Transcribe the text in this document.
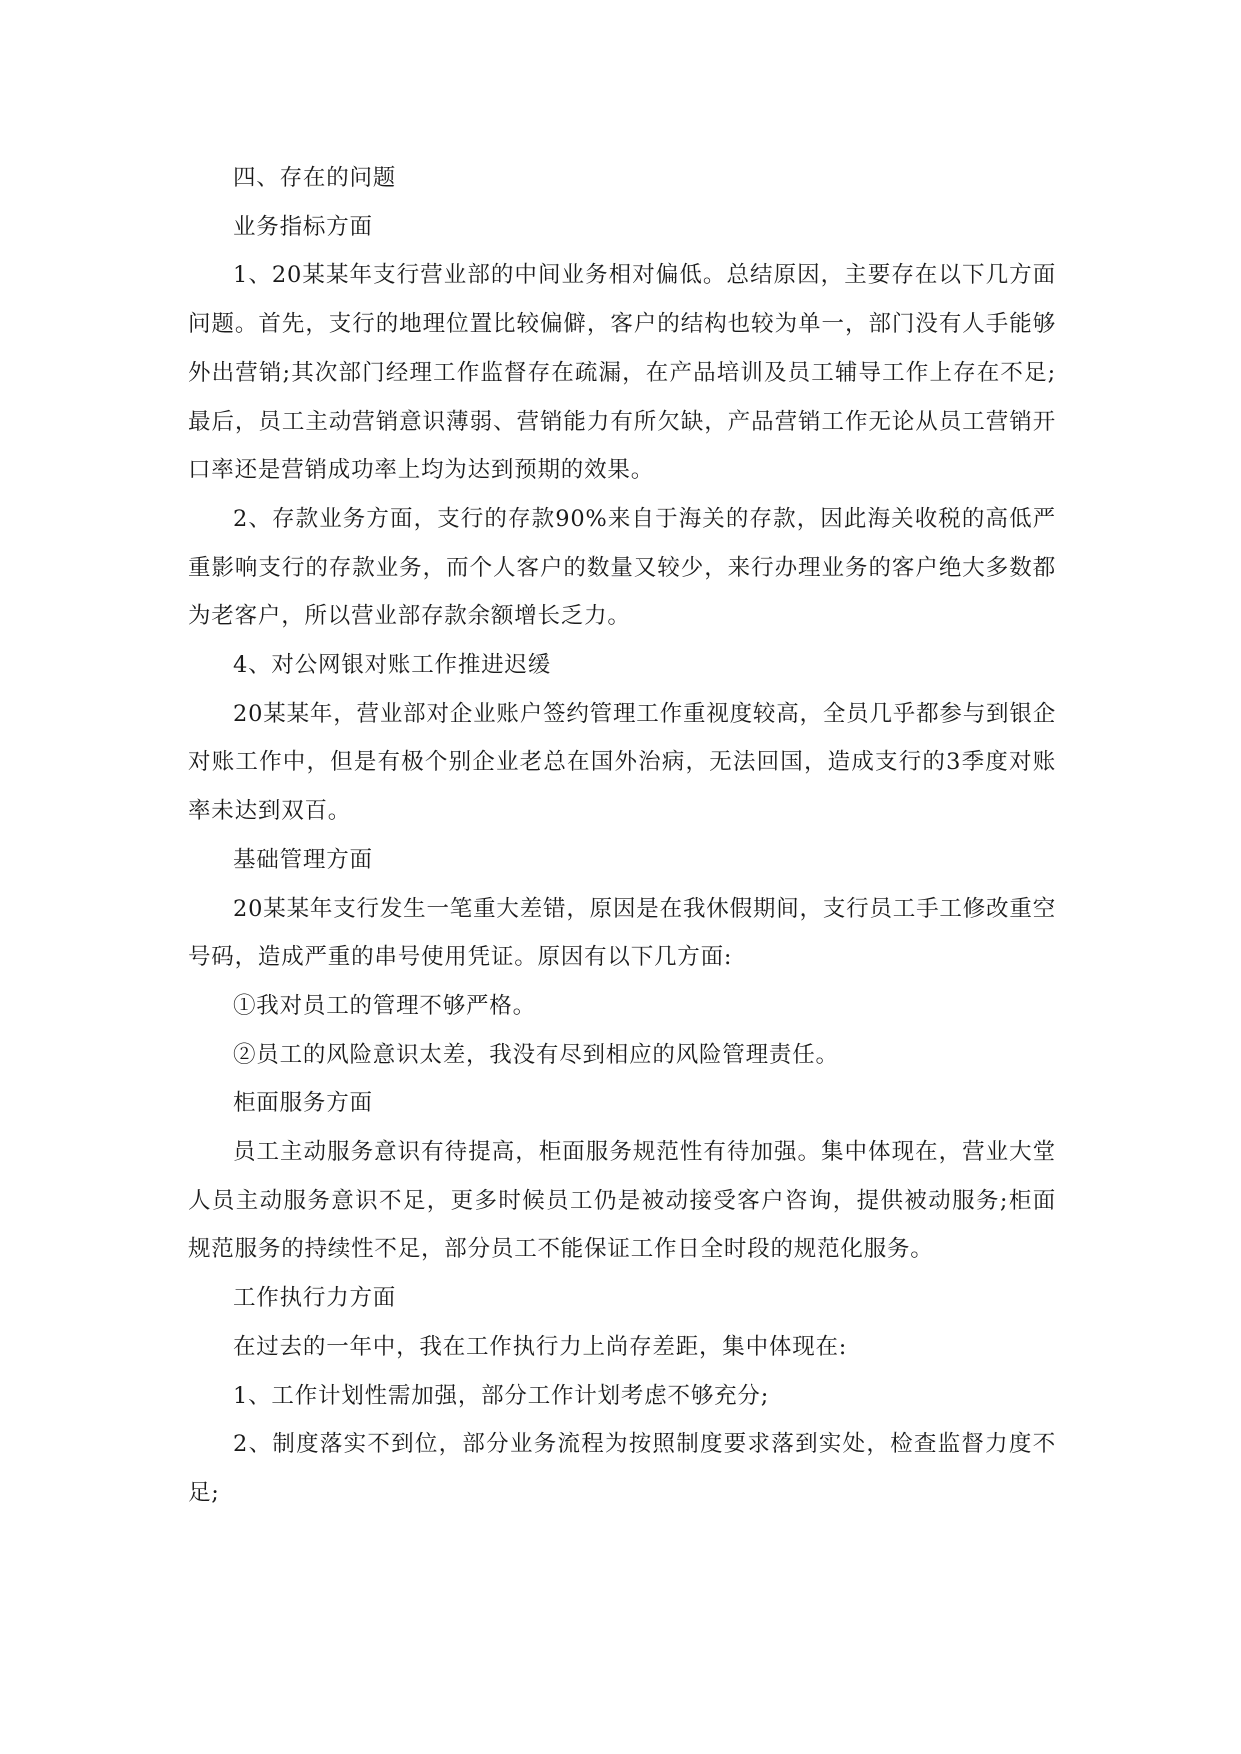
四、存在的问题

业务指标方面

1、20某某年支行营业部的中间业务相对偏低。总结原因，主要存在以下几方面问题。首先，支行的地理位置比较偏僻，客户的结构也较为单一，部门没有人手能够外出营销;其次部门经理工作监督存在疏漏，在产品培训及员工辅导工作上存在不足;最后，员工主动营销意识薄弱、营销能力有所欠缺，产品营销工作无论从员工营销开口率还是营销成功率上均为达到预期的效果。

2、存款业务方面，支行的存款90%来自于海关的存款，因此海关收税的高低严重影响支行的存款业务，而个人客户的数量又较少，来行办理业务的客户绝大多数都为老客户，所以营业部存款余额增长乏力。

4、对公网银对账工作推进迟缓

20某某年，营业部对企业账户签约管理工作重视度较高，全员几乎都参与到银企对账工作中，但是有极个别企业老总在国外治病，无法回国，造成支行的3季度对账率未达到双百。

基础管理方面

20某某年支行发生一笔重大差错，原因是在我休假期间，支行员工手工修改重空号码，造成严重的串号使用凭证。原因有以下几方面:

①我对员工的管理不够严格。

②员工的风险意识太差，我没有尽到相应的风险管理责任。

柜面服务方面

员工主动服务意识有待提高，柜面服务规范性有待加强。集中体现在，营业大堂人员主动服务意识不足，更多时候员工仍是被动接受客户咨询，提供被动服务;柜面规范服务的持续性不足，部分员工不能保证工作日全时段的规范化服务。

工作执行力方面

在过去的一年中，我在工作执行力上尚存差距，集中体现在:

1、工作计划性需加强，部分工作计划考虑不够充分;

2、制度落实不到位，部分业务流程为按照制度要求落到实处，检查监督力度不足;
